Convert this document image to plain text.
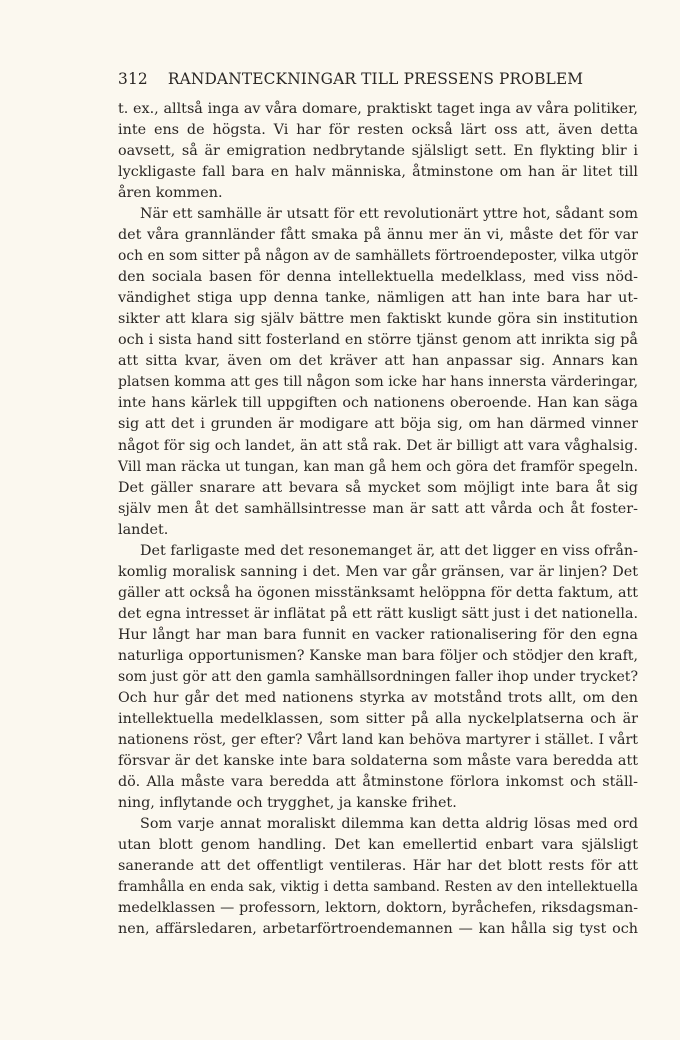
312 RANDANTECKNINGAR TILL PRESSENS PROBLEM
t. ex., alltså inga av våra domare, praktiskt taget inga av våra politiker,
inte ens de högsta. Vi har för resten också lärt oss att, även detta
oavsett, så är emigration nedbrytande själsligt sett. En flykting blir i
lyckligaste fall bara en halv människa, åtminstone om han är litet till
åren kommen.
När ett samhälle är utsatt för ett revolutionärt yttre hot, sådant som
det våra grannländer fått smaka på ännu mer än vi, måste det för var
och en som sitter på någon av de samhällets förtroendeposter, vilka utgör
den sociala basen för denna intellektuella medelklass, med viss nöd-
vändighet stiga upp denna tanke, nämligen att han inte bara har ut-
sikter att klara sig själv bättre men faktiskt kunde göra sin institution
och i sista hand sitt fosterland en större tjänst genom att inrikta sig på
att sitta kvar, även om det kräver att han anpassar sig. Annars kan
platsen komma att ges till någon som icke har hans innersta värderingar,
inte hans kärlek till uppgiften och nationens oberoende. Han kan säga
sig att det i grunden är modigare att böja sig, om han därmed vinner
något för sig och landet, än att stå rak. Det är billigt att vara våghalsig.
Vill man räcka ut tungan, kan man gå hem och göra det framför spegeln.
Det gäller snarare att bevara så mycket som möjligt inte bara åt sig
själv men åt det samhällsintresse man är satt att vårda och åt foster-
landet.
Det farligaste med det resonemanget är, att det ligger en viss ofrån-
komlig moralisk sanning i det. Men var går gränsen, var är linjen? Det
gäller att också ha ögonen misstänksamt helöppna för detta faktum, att
det egna intresset är inflätat på ett rätt kusligt sätt just i det nationella.
Hur långt har man bara funnit en vacker rationalisering för den egna
naturliga opportunismen? Kanske man bara följer och stödjer den kraft,
som just gör att den gamla samhällsordningen faller ihop under trycket?
Och hur går det med nationens styrka av motstånd trots allt, om den
intellektuella medelklassen, som sitter på alla nyckelplatserna och är
nationens röst, ger efter? Vårt land kan behöva martyrer i stället. I vårt
försvar är det kanske inte bara soldaterna som måste vara beredda att
dö. Alla måste vara beredda att åtminstone förlora inkomst och ställ-
ning, inflytande och trygghet, ja kanske frihet.
Som varje annat moraliskt dilemma kan detta aldrig lösas med ord
utan blott genom handling. Det kan emellertid enbart vara själsligt
sanerande att det offentligt ventileras. Här har det blott rests för att
framhålla en enda sak, viktig i detta samband. Resten av den intellektuella
medelklassen — professorn, lektorn, doktorn, byråchefen, riksdagsman-
nen, affärsledaren, arbetarförtroendemannen — kan hålla sig tyst och
